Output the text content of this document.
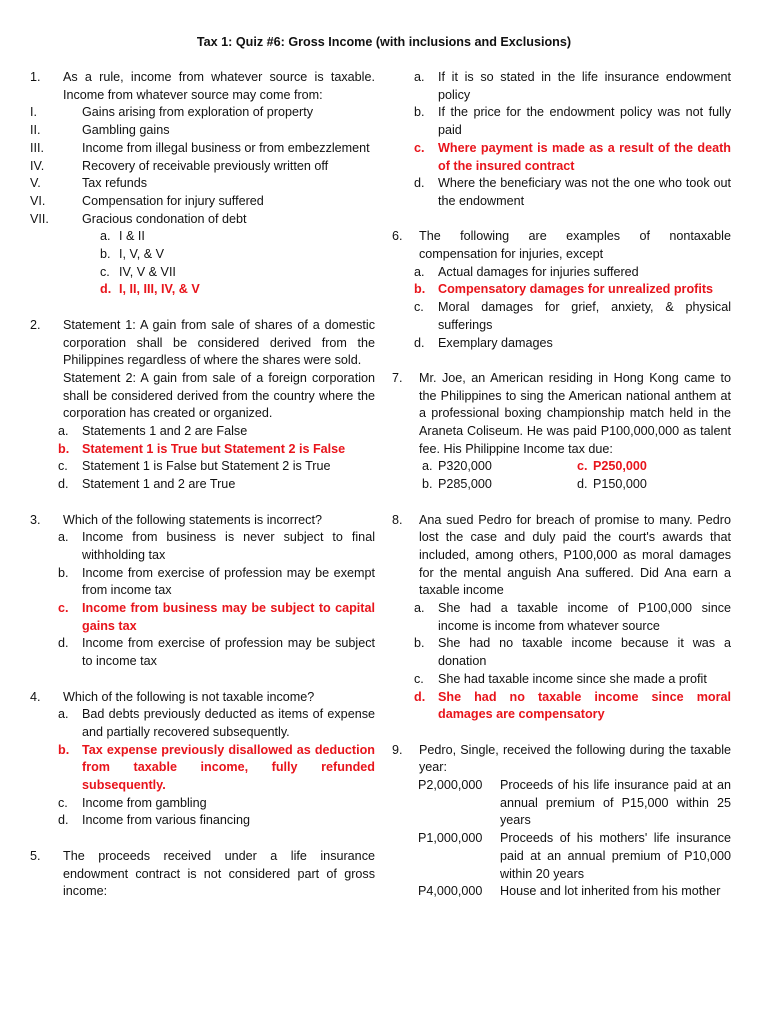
Tax 1: Quiz #6: Gross Income (with inclusions and Exclusions)
1.	As a rule, income from whatever source is taxable. Income from whatever source may come from:
I.	Gains arising from exploration of property
II.	Gambling gains
III.	Income from illegal business or from embezzlement
IV.	Recovery of receivable previously written off
V.	Tax refunds
VI.	Compensation for injury suffered
VII.	Gracious condonation of debt
a. I & II
b. I, V, & V
c. IV, V & VII
d. I, II, III, IV, & V
2.	Statement 1: A gain from sale of shares of a domestic corporation shall be considered derived from the Philippines regardless of where the shares were sold.
Statement 2: A gain from sale of a foreign corporation shall be considered derived from the country where the corporation has created or organized.
a.	Statements 1 and 2 are False
b.	Statement 1 is True but Statement 2 is False
c.	Statement 1 is False but Statement 2 is True
d.	Statement 1 and 2 are True
3.	Which of the following statements is incorrect?
a.	Income from business is never subject to final withholding tax
b.	Income from exercise of profession may be exempt from income tax
c.	Income from business may be subject to capital gains tax
d.	Income from exercise of profession may be subject to income tax
4.	Which of the following is not taxable income?
a.	Bad debts previously deducted as items of expense and partially recovered subsequently.
b.	Tax expense previously disallowed as deduction from taxable income, fully refunded subsequently.
c.	Income from gambling
d.	Income from various financing
5.	The proceeds received under a life insurance endowment contract is not considered part of gross income:
a.	If it is so stated in the life insurance endowment policy
b.	If the price for the endowment policy was not fully paid
c.	Where payment is made as a result of the death of the insured contract
d.	Where the beneficiary was not the one who took out the endowment
6. The following are examples of nontaxable compensation for injuries, except
a.	Actual damages for injuries suffered
b.	Compensatory damages for unrealized profits
c.	Moral damages for grief, anxiety, & physical sufferings
d.	Exemplary damages
7. Mr. Joe, an American residing in Hong Kong came to the Philippines to sing the American national anthem at a professional boxing championship match held in the Araneta Coliseum. He was paid P100,000,000 as talent fee. His Philippine Income tax due:
a. P320,000	c. P250,000
b. P285,000	d. P150,000
8. Ana sued Pedro for breach of promise to many. Pedro lost the case and duly paid the court's awards that included, among others, P100,000 as moral damages for the mental anguish Ana suffered. Did Ana earn a taxable income
a.	She had a taxable income of P100,000 since income is income from whatever source
b.	She had no taxable income because it was a donation
c.	She had taxable income since she made a profit
d.	She had no taxable income since moral damages are compensatory
9. Pedro, Single, received the following during the taxable year:
P2,000,000	Proceeds of his life insurance paid at an annual premium of P15,000 within 25 years
P1,000,000	Proceeds of his mothers' life insurance paid at an annual premium of P10,000 within 20 years
P4,000,000	House and lot inherited from his mother
